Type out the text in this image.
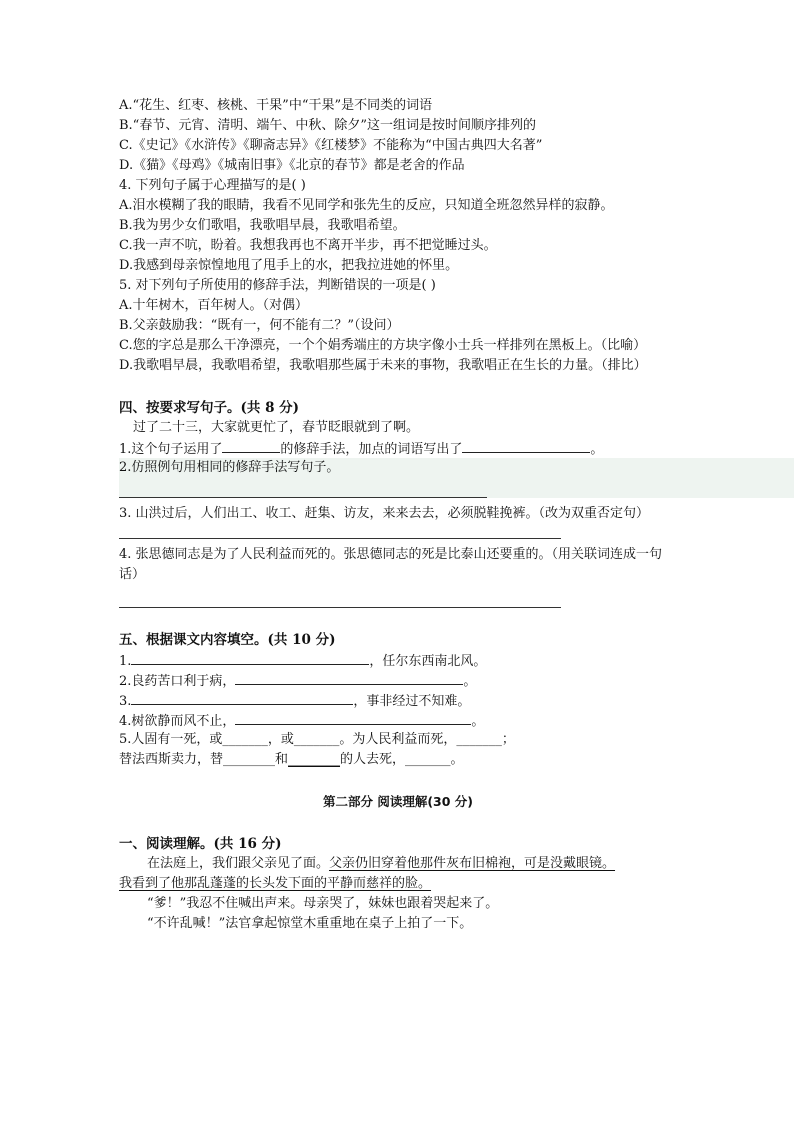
A.“花生、红枣、核桃、干果”中“干果”是不同类的词语
B.“春节、元宵、清明、端午、中秋、除夕”这一组词是按时间顺序排列的
C.《史记》《水浒传》《聊斋志异》《红楼梦》不能称为“中国古典四大名著”
D.《猫》《母鸡》《城南旧事》《北京的春节》都是老舍的作品
4. 下列句子属于心理描写的是( )
A.泪水模糊了我的眼睛，我看不见同学和张先生的反应，只知道全班忽然异样的寂静。
B.我为男少女们歌唱，我歌唱早晨，我歌唱希望。
C.我一声不吭，盼着。我想我再也不离开半步，再不把觉睡过头。
D.我感到母亲惊惶地甩了甩手上的水，把我拉进她的怀里。
5. 对下列句子所使用的修辞手法，判断错误的一项是( )
A.十年树木，百年树人。（对偶）
B.父亲鼓励我：“既有一，何不能有二？”（设问）
C.您的字总是那么干净漂亮，一个个娟秀端庄的方块字像小士兵一样排列在黑板上。（比喻）
D.我歌唱早晨，我歌唱希望，我歌唱那些属于未来的事物，我歌唱正在生长的力量。（排比）
四、按要求写句子。(共 8 分)
过了二十三，大家就更忙了，春节眨眼就到了啊。
1.这个句子运用了	的修辞手法，加点的词语写出了	。
2.仿照例句用相同的修辞手法写句子。
3. 山洪过后，人们出工、收工、赶集、访友，来来去去，必须脱鞋挽裤。（改为双重否定句）
4. 张思德同志是为了人民利益而死的。张思德同志的死是比泰山还要重的。（用关联词连成一句话）
五、根据课文内容填空。(共 10 分)
1.	，任尔东西南北风。
2.良药苦口利于病，	。
3.	，事非经过不知难。
4.树欲静而风不止，	。
5.人固有一死，或_______，或_______。为人民利益而死，_______；
替法西斯卖力，替________和________的人去死，_______。
第二部分 阅读理解(30 分)
一、阅读理解。(共 16 分)
在法庭上，我们跟父亲见了面。父亲仍旧穿着他那件灰布旧棉袍，可是没戴眼镜。
我看到了他那乱蓬蓬的长头发下面的平静而慈祥的脸。
“爹！”我忍不住喊出声来。母亲哭了，妹妹也跟着哭起来了。
“不许乱喊！”法官拿起惊堂木重重地在桌子上拍了一下。
